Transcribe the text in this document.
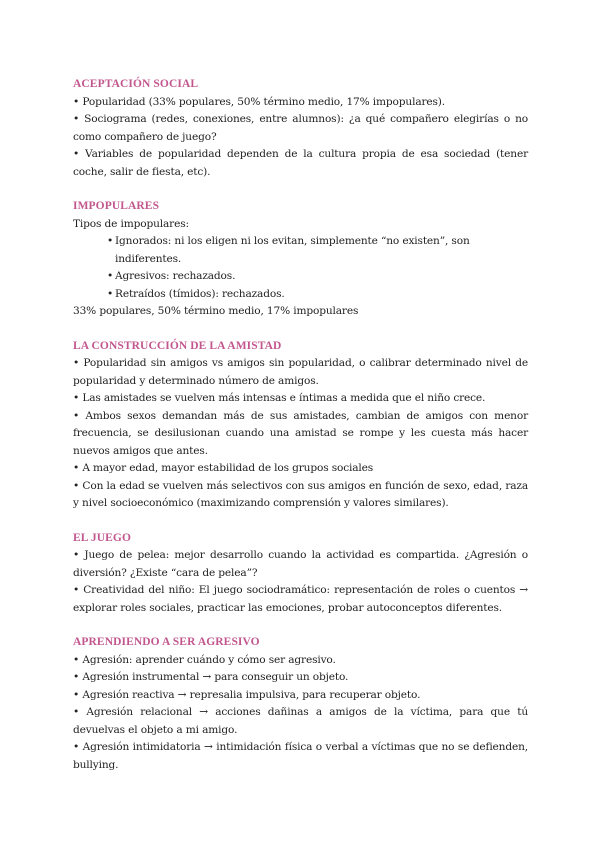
ACEPTACIÓN SOCIAL
• Popularidad (33% populares, 50% término medio, 17% impopulares).
• Sociograma (redes, conexiones, entre alumnos): ¿a qué compañero elegirías o no como compañero de juego?
• Variables de popularidad dependen de la cultura propia de esa sociedad (tener coche, salir de fiesta, etc).
IMPOPULARES
Tipos de impopulares:
• Ignorados: ni los eligen ni los evitan, simplemente “no existen”, son indiferentes.
• Agresivos: rechazados.
• Retraídos (tímidos): rechazados.
33% populares, 50% término medio, 17% impopulares
LA CONSTRUCCIÓN DE LA AMISTAD
• Popularidad sin amigos vs amigos sin popularidad, o calibrar determinado nivel de popularidad y determinado número de amigos.
• Las amistades se vuelven más intensas e íntimas a medida que el niño crece.
• Ambos sexos demandan más de sus amistades, cambian de amigos con menor frecuencia, se desilusionan cuando una amistad se rompe y les cuesta más hacer nuevos amigos que antes.
• A mayor edad, mayor estabilidad de los grupos sociales
• Con la edad se vuelven más selectivos con sus amigos en función de sexo, edad, raza y nivel socioeconómico (maximizando comprensión y valores similares).
EL JUEGO
• Juego de pelea: mejor desarrollo cuando la actividad es compartida. ¿Agresión o diversión? ¿Existe “cara de pelea”?
• Creatividad del niño: El juego sociodramático: representación de roles o cuentos → explorar roles sociales, practicar las emociones, probar autoconceptos diferentes.
APRENDIENDO A SER AGRESIVO
• Agresión: aprender cuándo y cómo ser agresivo.
• Agresión instrumental → para conseguir un objeto.
• Agresión reactiva → represalia impulsiva, para recuperar objeto.
• Agresión relacional → acciones dañinas a amigos de la víctima, para que tú devuelvas el objeto a mi amigo.
• Agresión intimidatoria → intimidación física o verbal a víctimas que no se defienden, bullying.
